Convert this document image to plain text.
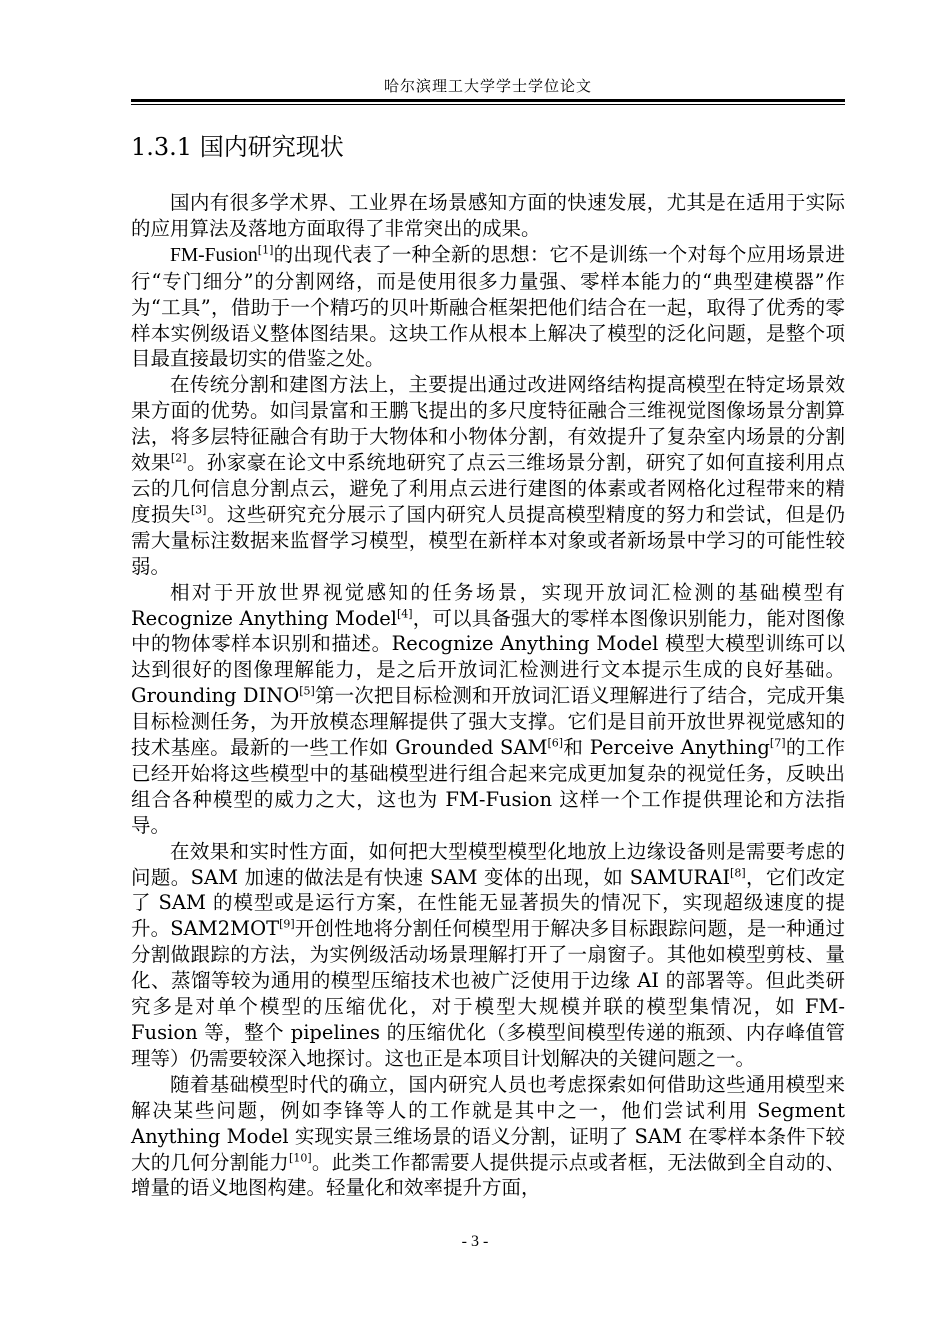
哈尔滨理工大学学士学位论文
1.3.1 国内研究现状

国内有很多学术界、工业界在场景感知方面的快速发展，尤其是在适用于实际的应用算法及落地方面取得了非常突出的成果。

FM-Fusion[1]的出现代表了一种全新的思想：它不是训练一个对每个应用场景进行“专门细分”的分割网络，而是使用很多力量强、零样本能力的“典型建模器”作为“工具”，借助于一个精巧的贝叶斯融合框架把他们结合在一起，取得了优秀的零样本实例级语义整体图结果。这块工作从根本上解决了模型的泛化问题，是整个项目最直接最切实的借鉴之处。

在传统分割和建图方法上，主要提出通过改进网络结构提高模型在特定场景效果方面的优势。如闫景富和王鹏飞提出的多尺度特征融合三维视觉图像场景分割算法，将多层特征融合有助于大物体和小物体分割，有效提升了复杂室内场景的分割效果[2]。孙家豪在论文中系统地研究了点云三维场景分割，研究了如何直接利用点云的几何信息分割点云，避免了利用点云进行建图的体素或者网格化过程带来的精度损失[3]。这些研究充分展示了国内研究人员提高模型精度的努力和尝试，但是仍需大量标注数据来监督学习模型，模型在新样本对象或者新场景中学习的可能性较弱。

相对于开放世界视觉感知的任务场景，实现开放词汇检测的基础模型有 Recognize Anything Model[4]，可以具备强大的零样本图像识别能力，能对图像中的物体零样本识别和描述。Recognize Anything Model 模型大模型训练可以达到很好的图像理解能力，是之后开放词汇检测进行文本提示生成的良好基础。Grounding DINO[5]第一次把目标检测和开放词汇语义理解进行了结合，完成开集目标检测任务，为开放模态理解提供了强大支撑。它们是目前开放世界视觉感知的技术基座。最新的一些工作如 Grounded SAM[6]和 Perceive Anything[7]的工作已经开始将这些模型中的基础模型进行组合起来完成更加复杂的视觉任务，反映出组合各种模型的威力之大，这也为 FM-Fusion 这样一个工作提供理论和方法指导。

在效果和实时性方面，如何把大型模型模型化地放上边缘设备则是需要考虑的问题。SAM 加速的做法是有快速 SAM 变体的出现，如 SAMURAI[8]，它们改定了 SAM 的模型或是运行方案，在性能无显著损失的情况下，实现超级速度的提升。SAM2MOT[9]开创性地将分割任何模型用于解决多目标跟踪问题，是一种通过分割做跟踪的方法，为实例级活动场景理解打开了一扇窗子。其他如模型剪枝、量化、蒸馏等较为通用的模型压缩技术也被广泛使用于边缘 AI 的部署等。但此类研究多是对单个模型的压缩优化，对于模型大规模并联的模型集情况，如 FM-Fusion 等，整个 pipelines 的压缩优化（多模型间模型传递的瓶颈、内存峰值管理等）仍需要较深入地探讨。这也正是本项目计划解决的关键问题之一。

随着基础模型时代的确立，国内研究人员也考虑探索如何借助这些通用模型来解决某些问题，例如李锋等人的工作就是其中之一，他们尝试利用 Segment Anything Model 实现实景三维场景的语义分割，证明了 SAM 在零样本条件下较大的几何分割能力[10]。此类工作都需要人提供提示点或者框，无法做到全自动的、增量的语义地图构建。轻量化和效率提升方面，

- 3 -
